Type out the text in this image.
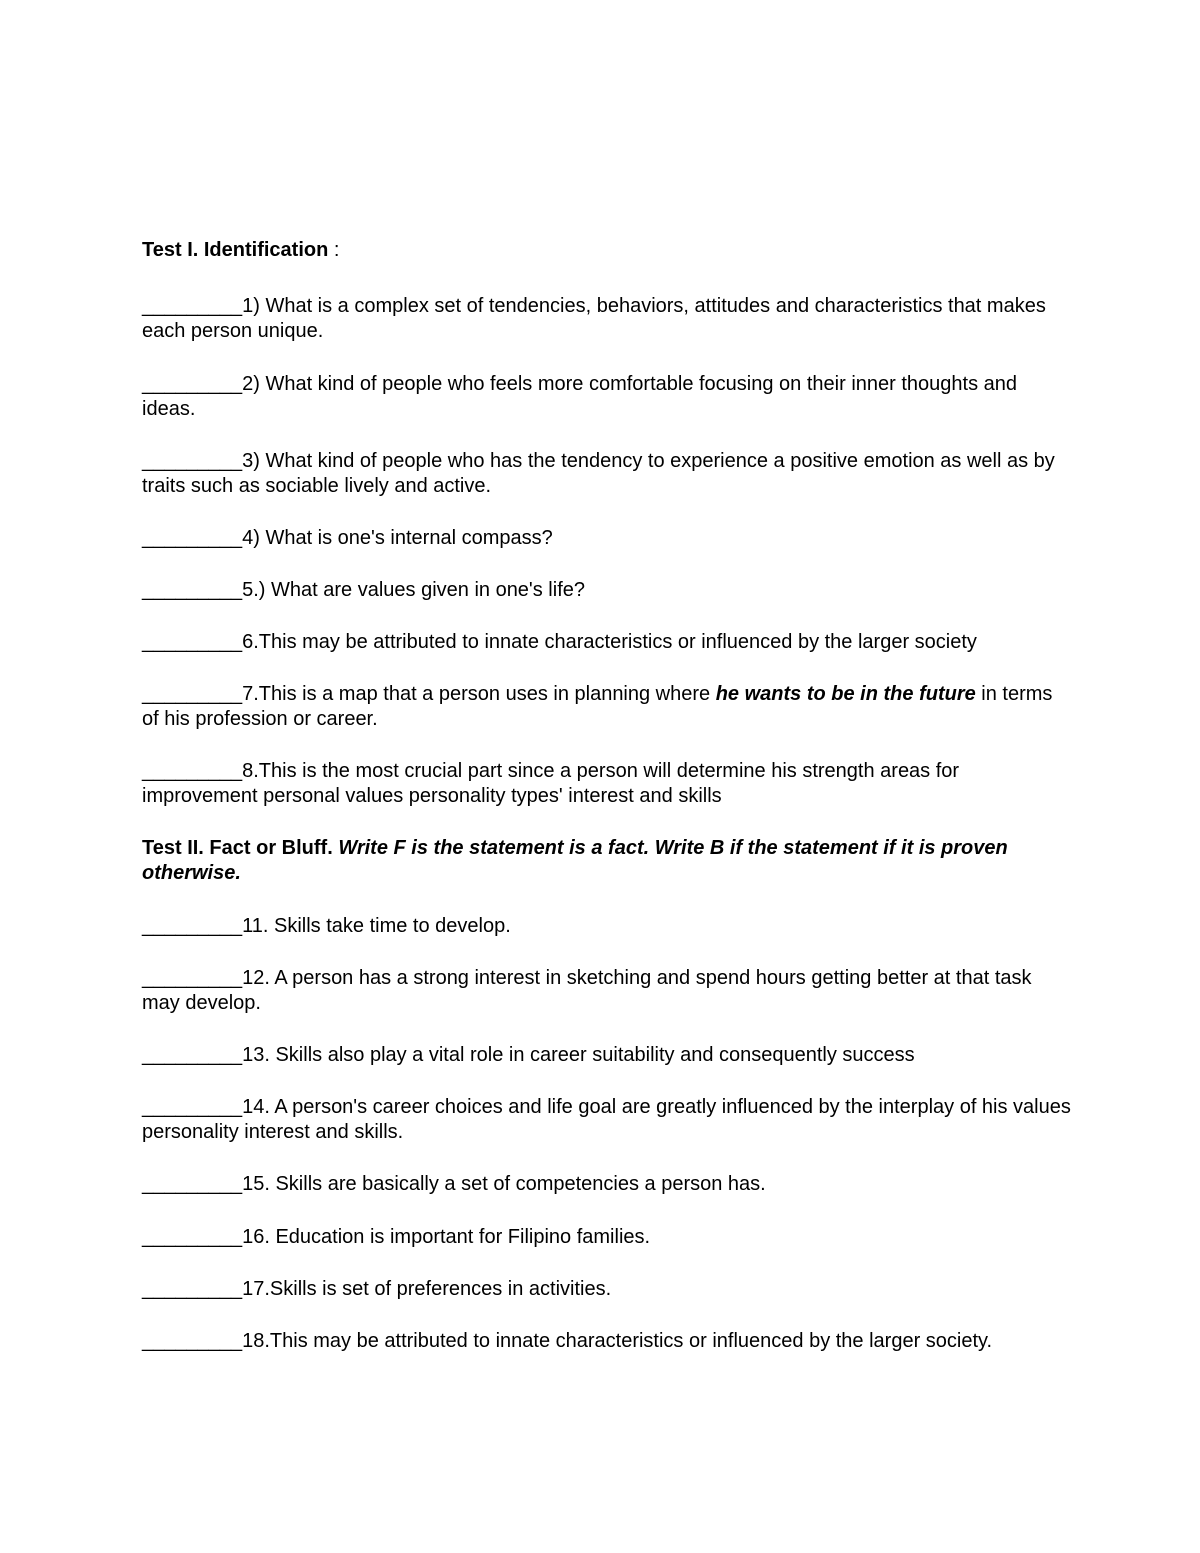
Test I. Identification :

_________1) What is a complex set of tendencies, behaviors, attitudes and characteristics that makes each person unique.

_________2) What kind of people who feels more comfortable focusing on their inner thoughts and ideas.

_________3) What kind of people who has the tendency to experience a positive emotion as well as by traits such as sociable lively and active.

_________4) What is one's internal compass?

_________5.) What are values given in one's life?

_________6.This may be attributed to innate characteristics or influenced by the larger society

_________7.This is a map that a person uses in planning where he wants to be in the future in terms of his profession or career.

_________8.This is the most crucial part since a person will determine his strength areas for improvement personal values personality types' interest and skills

Test II. Fact or Bluff. Write F is the statement is a fact. Write B if the statement if it is proven otherwise.

_________11. Skills take time to develop.

_________12. A person has a strong interest in sketching and spend hours getting better at that task may develop.

_________13. Skills also play a vital role in career suitability and consequently success

_________14. A person's career choices and life goal are greatly influenced by the interplay of his values personality interest and skills.

_________15. Skills are basically a set of competencies a person has.

_________16. Education is important for Filipino families.

_________17.Skills is set of preferences in activities.

_________18.This may be attributed to innate characteristics or influenced by the larger society.
